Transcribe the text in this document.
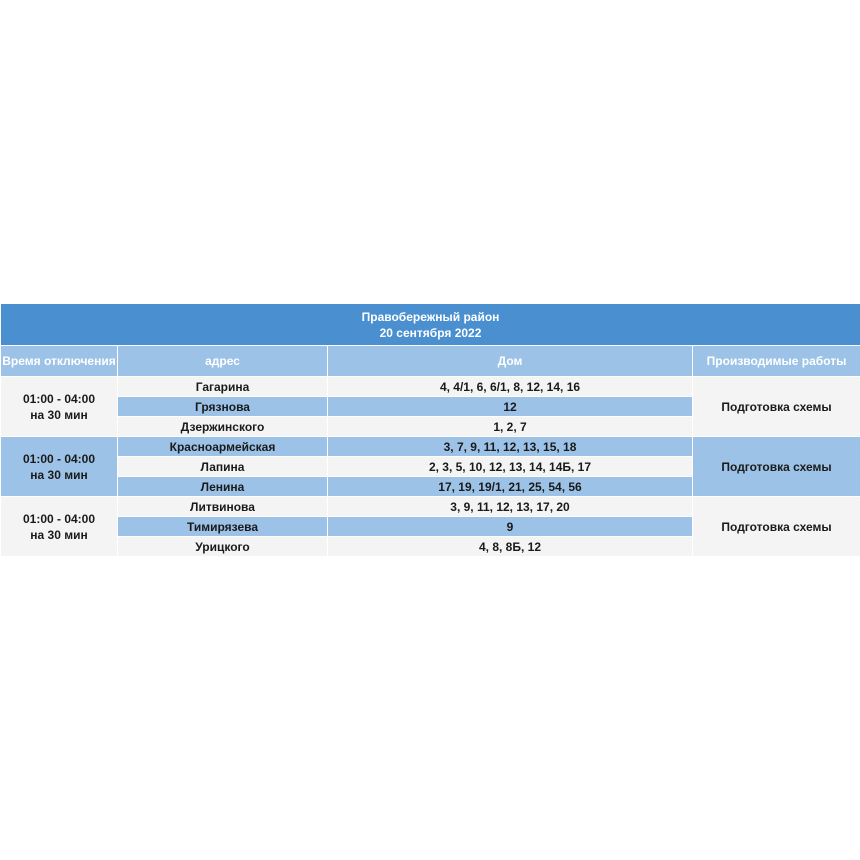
Правобережный район
20 сентября 2022			

Время отключения	адрес	Дом	Производимые работы

01:00 - 04:00
на 30 мин	Гагарина	4, 4/1, 6, 6/1, 8, 12, 14, 16	Подготовка схемы
	Грязнова	12	
	Дзержинского	1, 2, 7	

01:00 - 04:00
на 30 мин	Красноармейская	3, 7, 9, 11, 12, 13, 15, 18	Подготовка схемы
	Лапина	2, 3, 5, 10, 12, 13, 14, 14Б, 17	
	Ленина	17, 19, 19/1, 21, 25, 54, 56	

01:00 - 04:00
на 30 мин	Литвинова	3, 9, 11, 12, 13, 17, 20	Подготовка схемы
	Тимирязева	9	
	Урицкого	4, 8, 8Б, 12	
